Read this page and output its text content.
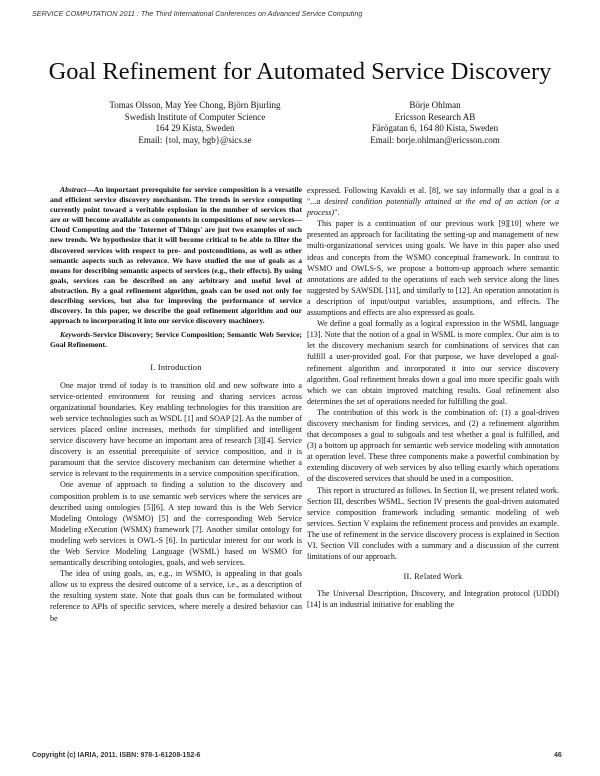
SERVICE COMPUTATION 2011 : The Third International Conferences on Advanced Service Computing
Goal Refinement for Automated Service Discovery
Tomas Olsson, May Yee Chong, Björn Bjurling
Swedish Institute of Computer Science
164 29 Kista, Sweden
Email: {tol, may, bgb}@sics.se
Börje Ohlman
Ericsson Research AB
Färögatan 6, 164 80 Kista, Sweden
Email: borje.ohlman@ericsson.com

Abstract—An important prerequisite for service composition is a versatile and efficient service discovery mechanism. The trends in service computing currently point toward a veritable explosion in the number of services that are or will become available as components in compositions of new services—Cloud Computing and the 'Internet of Things' are just two examples of such new trends. We hypothesize that it will become critical to be able to filter the discovered services with respect to pre- and postconditions, as well as other semantic aspects such as relevance. We have studied the use of goals as a means for describing semantic aspects of services (e.g., their effects). By using goals, services can be described on any arbitrary and useful level of abstraction. By a goal refinement algorithm, goals can be used not only for describing services, but also for improving the performance of service discovery. In this paper, we describe the goal refinement algorithm and our approach to incorporating it into our service discovery machinery.

Keywords-Service Discovery; Service Composition; Semantic Web Service; Goal Refinement.

I. Introduction

One major trend of today is to transition old and new software into a service-oriented environment for reusing and sharing services across organizational boundaries. Key enabling technologies for this transition are web service technologies such as WSDL [1] and SOAP [2]. As the number of services placed online increases, methods for simplified and intelligent service discovery have become an important area of research [3][4]. Service discovery is an essential prerequisite of service composition, and it is paramount that the service discovery mechanism can determine whether a service is relevant to the requirements in a service composition specification.

One avenue of approach to finding a solution to the discovery and composition problem is to use semantic web services where the services are described using ontologies [5][6]. A step toward this is the Web Service Modeling Ontology (WSMO) [5] and the corresponding Web Service Modeling eXecution (WSMX) framework [7]. Another similar ontology for modeling web services is OWL-S [6]. In particular interest for our work is the Web Service Modeling Language (WSML) based on WSMO for semantically describing ontologies, goals, and web services.

The idea of using goals, as, e.g., in WSMO, is appealing in that goals allow us to express the desired outcome of a service, i.e., as a description of the resulting system state. Note that goals thus can be formulated without reference to APIs of specific services, where merely a desired behavior can be

expressed. Following Kavakli et al. [8], we say informally that a goal is a "...a desired condition potentially attained at the end of an action (or a process)".

This paper is a continuation of our previous work [9][10] where we presented an approach for facilitating the setting-up and management of new multi-organizational services using goals. We have in this paper also used ideas and concepts from the WSMO conceptual framework. In contrast to WSMO and OWLS-S, we propose a bottom-up approach where semantic annotations are added to the operations of each web service along the lines suggested by SAWSDL [11], and similarly to [12]. An operation annotation is a description of input/output variables, assumptions, and effects. The assumptions and effects are also expressed as goals.

We define a goal formally as a logical expression in the WSML language [13]. Note that the notion of a goal in WSML is more complex. Our aim is to let the discovery mechanism search for combinations of services that can fulfill a user-provided goal. For that purpose, we have developed a goal-refinement algorithm and incorporated it into our service discovery algorithm. Goal refinement breaks down a goal into more specific goals with which we can obtain improved matching results. Goal refinement also determines the set of operations needed for fulfilling the goal.

The contribution of this work is the combination of: (1) a goal-driven discovery mechanism for finding services, and (2) a refinement algorithm that decomposes a goal to subgoals and test whether a goal is fulfilled, and (3) a bottom up approach for semantic web service modeling with annotation at operation level. These three components make a powerful combination by extending discovery of web services by also telling exactly which operations of the discovered services that should be used in a composition.

This report is structured as follows. In Section II, we present related work. Section III, describes WSML. Section IV presents the goal-driven automated service composition framework including semantic modeling of web services. Section V explains the refinement process and provides an example. The use of refinement in the service discovery process is explained in Section VI. Section VII concludes with a summary and a discussion of the current limitations of our approach.

II. Related Work

The Universal Description, Discovery, and Integration protocol (UDDI) [14] is an industrial initiative for enabling the

Copyright (c) IARIA, 2011. ISBN: 978-1-61208-152-6	46
